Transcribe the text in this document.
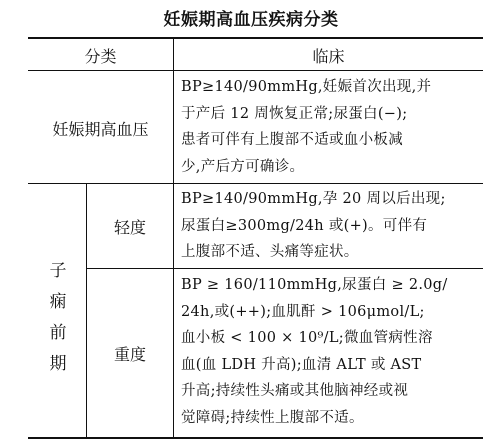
妊娠期高血压疾病分类
分类	临床
妊娠期高血压
BP≥140/90mmHg,妊娠首次出现,并
于产后 12 周恢复正常;尿蛋白(−);
患者可伴有上腹部不适或血小板减
少,产后方可确诊。
子
痫
前
期
轻度
BP≥140/90mmHg,孕 20 周以后出现;
尿蛋白≥300mg/24h 或(+)。可伴有
上腹部不适、头痛等症状。
重度
BP ≥ 160/110mmHg,尿蛋白 ≥ 2.0g/
24h,或(++);血肌酐 > 106μmol/L;
血小板 < 100 × 10⁹/L;微血管病性溶
血(血 LDH 升高);血清 ALT 或 AST
升高;持续性头痛或其他脑神经或视
觉障碍;持续性上腹部不适。
